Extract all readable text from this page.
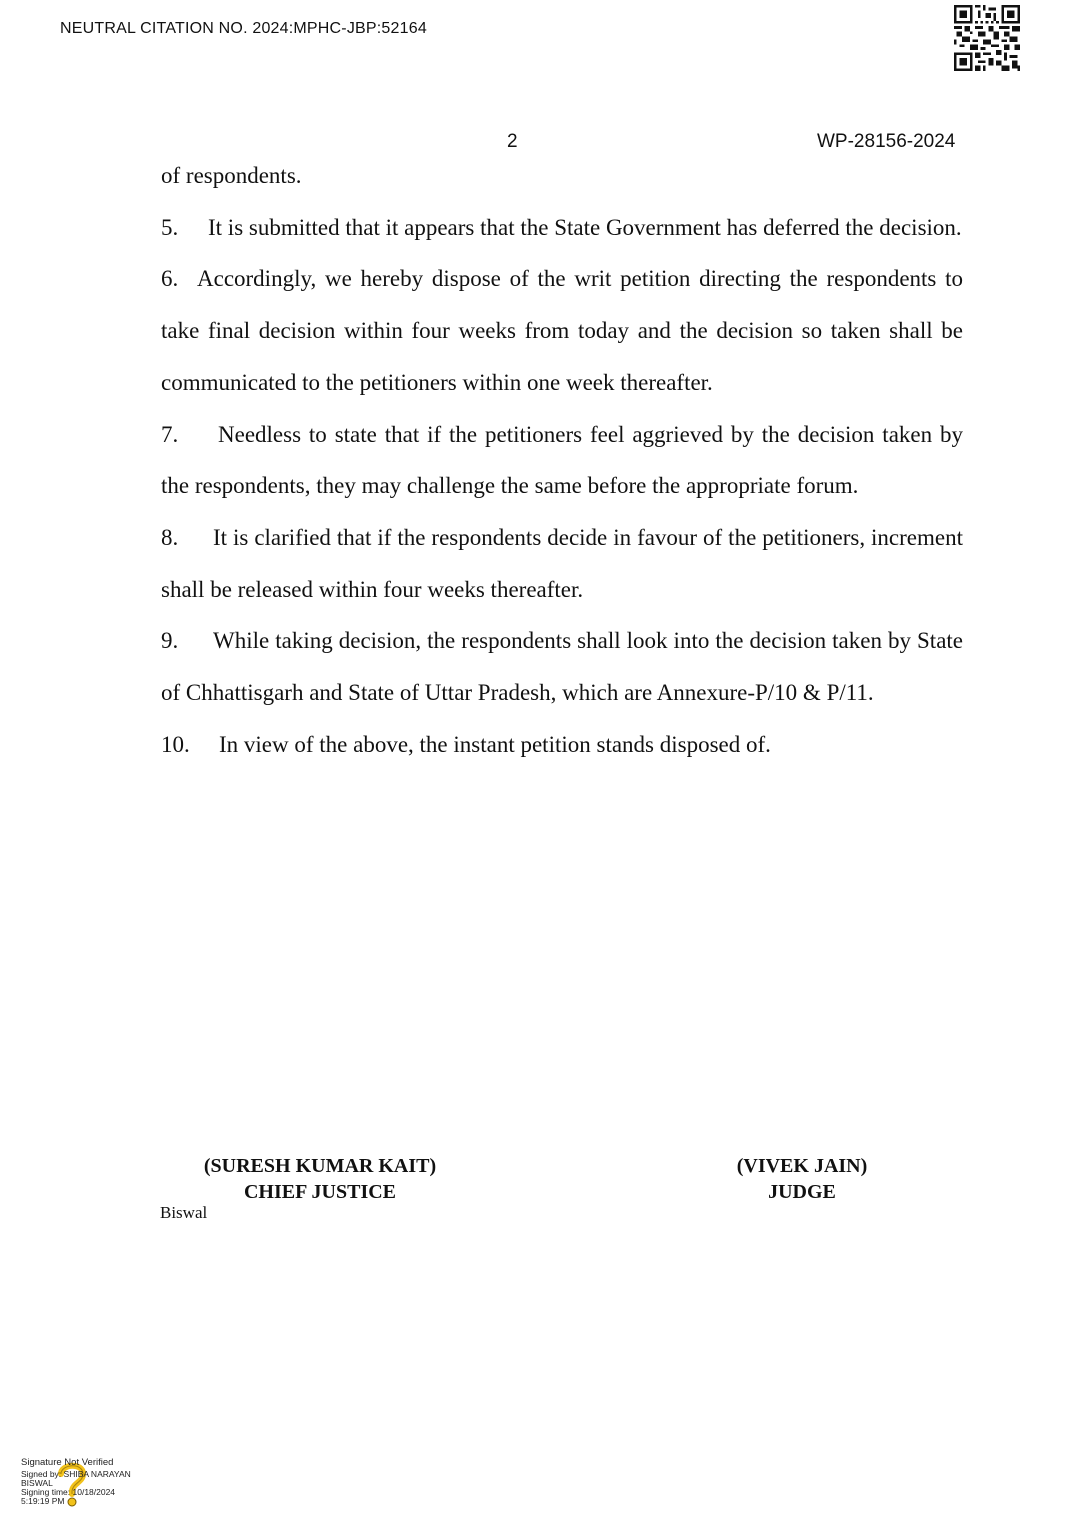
NEUTRAL CITATION NO. 2024:MPHC-JBP:52164
2	WP-28156-2024

of respondents.

5. It is submitted that it appears that the State Government has deferred the decision.

6. Accordingly, we hereby dispose of the writ petition directing the respondents to take final decision within four weeks from today and the decision so taken shall be communicated to the petitioners within one week thereafter.

7. Needless to state that if the petitioners feel aggrieved by the decision taken by the respondents, they may challenge the same before the appropriate forum.

8. It is clarified that if the respondents decide in favour of the petitioners, increment shall be released within four weeks thereafter.

9. While taking decision, the respondents shall look into the decision taken by State of Chhattisgarh and State of Uttar Pradesh, which are Annexure-P/10 & P/11.

10. In view of the above, the instant petition stands disposed of.

(SURESH KUMAR KAIT)
CHIEF JUSTICE
(VIVEK JAIN)
JUDGE
Biswal
Signature Not Verified
Signed by: SHIBA NARAYAN
BISWAL
Signing time: 10/18/2024
5:19:19 PM
